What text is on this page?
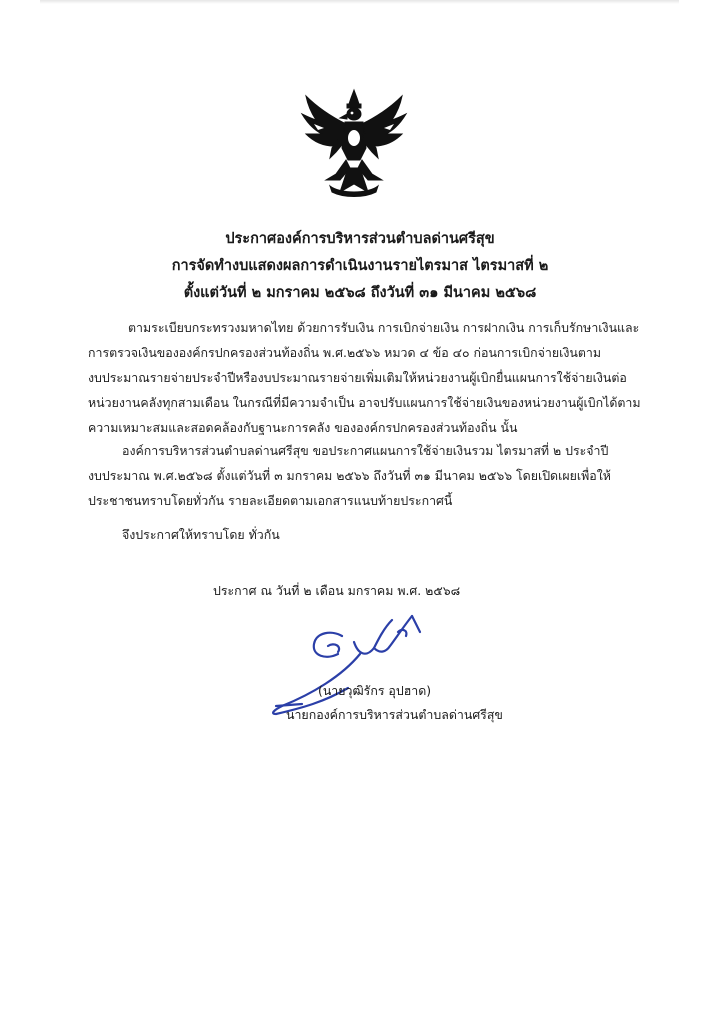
ประกาศองค์การบริหารส่วนตำบลด่านศรีสุข
การจัดทำงบแสดงผลการดำเนินงานรายไตรมาส ไตรมาสที่ ๒
ตั้งแต่วันที่ ๒ มกราคม ๒๕๖๘ ถึงวันที่ ๓๑ มีนาคม ๒๕๖๘
ตามระเบียบกระทรวงมหาดไทย ด้วยการรับเงิน การเบิกจ่ายเงิน การฝากเงิน การเก็บรักษาเงินและ
การตรวจเงินขององค์กรปกครองส่วนท้องถิ่น พ.ศ.๒๕๖๖ หมวด ๔ ข้อ ๔๐ ก่อนการเบิกจ่ายเงินตาม
งบประมาณรายจ่ายประจำปีหรืองบประมาณรายจ่ายเพิ่มเติมให้หน่วยงานผู้เบิกยื่นแผนการใช้จ่ายเงินต่อ
หน่วยงานคลังทุกสามเดือน ในกรณีที่มีความจำเป็น อาจปรับแผนการใช้จ่ายเงินของหน่วยงานผู้เบิกได้ตาม
ความเหมาะสมและสอดคล้องกับฐานะการคลัง ขององค์กรปกครองส่วนท้องถิ่น นั้น
องค์การบริหารส่วนตำบลด่านศรีสุข ขอประกาศแผนการใช้จ่ายเงินรวม ไตรมาสที่ ๒ ประจำปี
งบประมาณ พ.ศ.๒๕๖๘ ตั้งแต่วันที่ ๓ มกราคม ๒๕๖๖ ถึงวันที่ ๓๑ มีนาคม ๒๕๖๖ โดยเปิดเผยเพื่อให้
ประชาชนทราบโดยทั่วกัน รายละเอียดตามเอกสารแนบท้ายประกาศนี้
จึงประกาศให้ทราบโดย ทั่วกัน
ประกาศ ณ วันที่ ๒ เดือน มกราคม พ.ศ. ๒๕๖๘
(นายวุฒิรักร อุปฮาด)
นายกองค์การบริหารส่วนตำบลด่านศรีสุข
